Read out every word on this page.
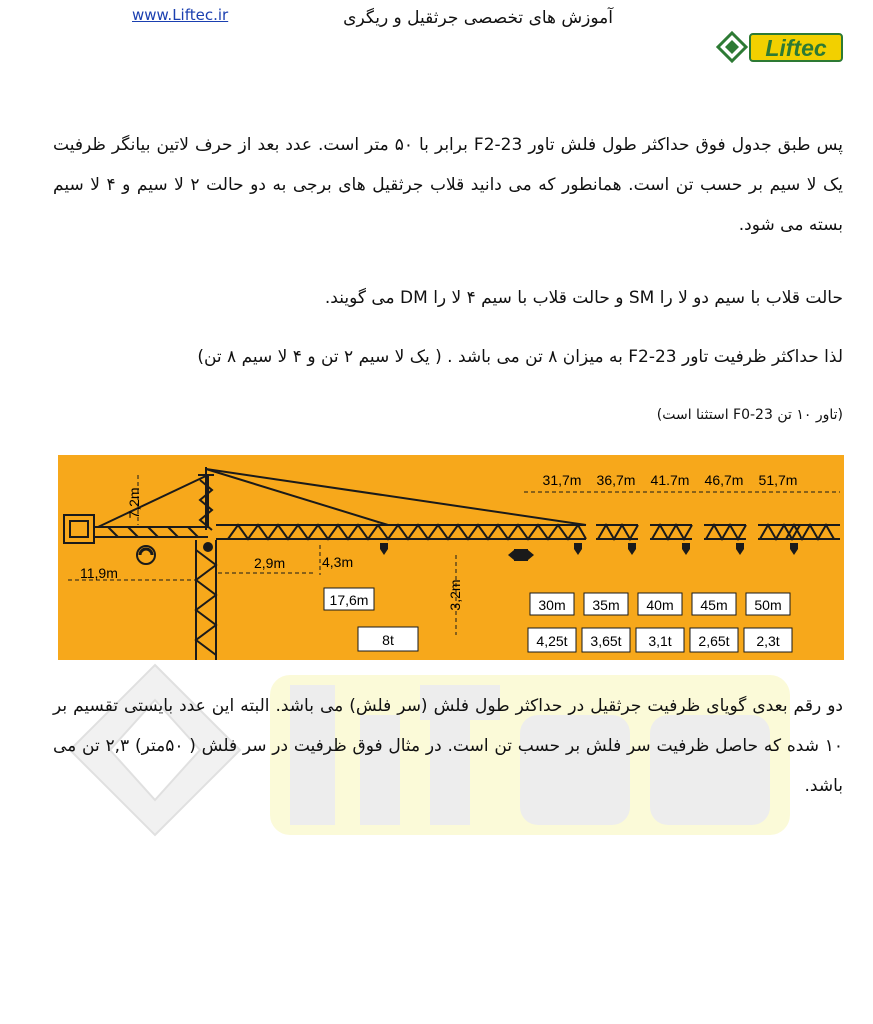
www.Liftec.ir	آموزش های تخصصی جرثقیل و ریگری
Liftec

پس طبق جدول فوق حداکثر طول فلش تاور F2-23 برابر با ۵۰ متر است. عدد بعد از حرف لاتین بیانگر ظرفیت یک لا سیم بر حسب تن است. همانطور که می دانید قلاب جرثقیل های برجی به دو حالت ۲ لا سیم و ۴ لا سیم بسته می شود.

حالت قلاب با سیم دو لا را SM و حالت قلاب با سیم ۴ لا را DM می گویند.

لذا حداکثر ظرفیت تاور F2-23 به میزان ۸ تن می باشد . ( یک لا سیم ۲ تن و ۴ لا سیم ۸ تن)

(تاور ۱۰ تن F0-23 استثنا است)

7,2m
11,9m
2,9m	4,3m
3,2m
17,6m
8t
31,7m 36,7m 41.7m 46,7m 51,7m
30m 35m 40m 45m 50m
4,25t 3,65t 3,1t 2,65t 2,3t

دو رقم بعدی گویای ظرفیت جرثقیل در حداکثر طول فلش (سر فلش) می باشد. البته این عدد بایستی تقسیم بر ۱۰ شده که حاصل ظرفیت سر فلش بر حسب تن است. در مثال فوق ظرفیت در سر فلش ( ۵۰متر) ۲,۳ تن می باشد.
